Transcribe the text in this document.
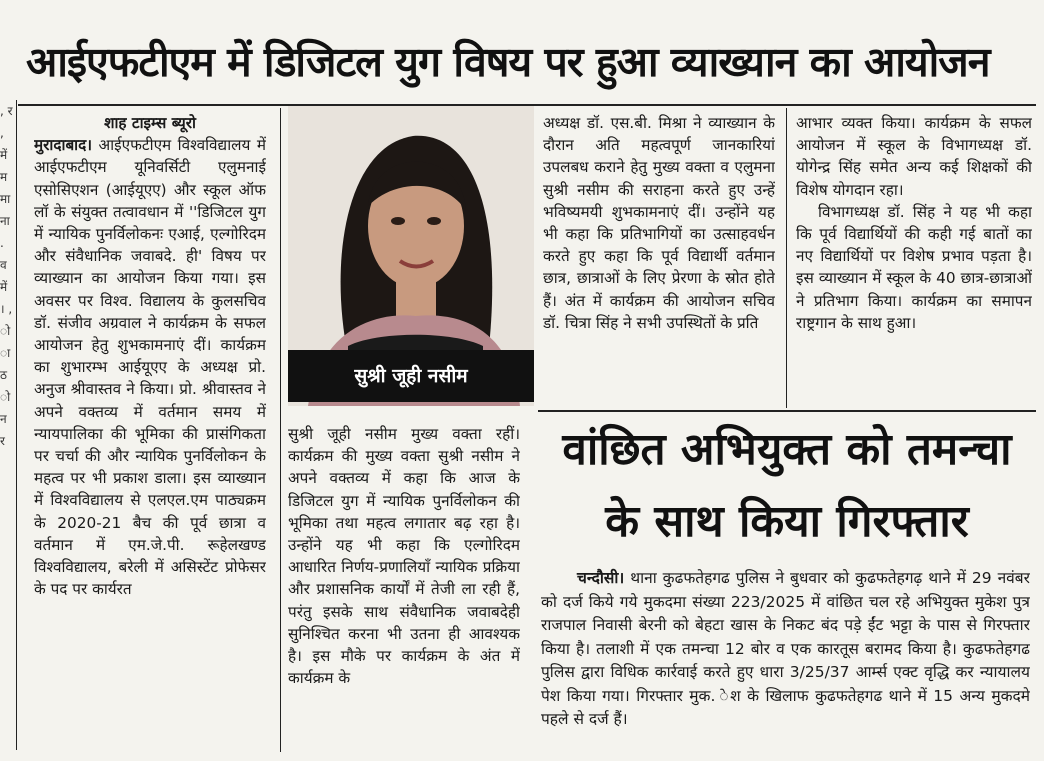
, र , में म मा ना . व में । , ो ा ठ ो न र
आईएफटीएम में डिजिटल युग विषय पर हुआ व्याख्यान का आयोजन

शाह टाइम्स ब्यूरो

मुरादाबाद। आईएफटीएम विश्वविद्यालय में आईएफटीएम यूनिवर्सिटी एलुमनाई एसोसिएशन (आईयूएए) और स्कूल ऑफ लॉ के संयुक्त तत्वावधान में ''डिजिटल युग में न्यायिक पुनर्विलोकनः एआई, एल्गोरिदम और संवैधानिक जवाबदे. ही' विषय पर व्याख्यान का आयोजन किया गया। इस अवसर पर विश्व. विद्यालय के कुलसचिव डॉ. संजीव अग्रवाल ने कार्यक्रम के सफल आयोजन हेतु शुभकामनाएं दीं। कार्यक्रम का शुभारम्भ आईयूएए के अध्यक्ष प्रो. अनुज श्रीवास्तव ने किया। प्रो. श्रीवास्तव ने अपने वक्तव्य में वर्तमान समय में न्यायपालिका की भूमिका की प्रासंगिकता पर चर्चा की और न्यायिक पुनर्विलोकन के महत्व पर भी प्रकाश डाला। इस व्याख्यान में विश्वविद्यालय से एलएल.एम पाठ्यक्रम के 2020-21 बैच की पूर्व छात्रा व वर्तमान में एम.जे.पी. रूहेलखण्ड विश्वविद्यालय, बरेली में असिस्टेंट प्रोफेसर के पद पर कार्यरत

सुश्री जूही नसीम

सुश्री जूही नसीम मुख्य वक्ता रहीं। कार्यक्रम की मुख्य वक्ता सुश्री नसीम ने अपने वक्तव्य में कहा कि आज के डिजिटल युग में न्यायिक पुनर्विलोकन की भूमिका तथा महत्व लगातार बढ़ रहा है। उन्होंने यह भी कहा कि एल्गोरिदम आधारित निर्णय-प्रणालियाँ न्यायिक प्रक्रिया और प्रशासनिक कार्यों में तेजी ला रही हैं, परंतु इसके साथ संवैधानिक जवाबदेही सुनिश्चित करना भी उतना ही आवश्यक है। इस मौके पर कार्यक्रम के अंत में कार्यक्रम के

अध्यक्ष डॉ. एस.बी. मिश्रा ने व्याख्यान के दौरान अति महत्वपूर्ण जानकारियां उपलबध कराने हेतु मुख्य वक्ता व एलुमना सुश्री नसीम की सराहना करते हुए उन्हें भविष्यमयी शुभकामनाएं दीं। उन्होंने यह भी कहा कि प्रतिभागियों का उत्साहवर्धन करते हुए कहा कि पूर्व विद्यार्थी वर्तमान छात्र, छात्राओं के लिए प्रेरणा के स्रोत होते हैं। अंत में कार्यक्रम की आयोजन सचिव डॉ. चित्रा सिंह ने सभी उपस्थितों के प्रति

आभार व्यक्त किया। कार्यक्रम के सफल आयोजन में स्कूल के विभागध्यक्ष डॉ. योगेन्द्र सिंह समेत अन्य कई शिक्षकों की विशेष योगदान रहा।

विभागध्यक्ष डॉ. सिंह ने यह भी कहा कि पूर्व विद्यार्थियों की कही गई बातों का नए विद्यार्थियों पर विशेष प्रभाव पड़ता है। इस व्याख्यान में स्कूल के 40 छात्र-छात्राओं ने प्रतिभाग किया। कार्यक्रम का समापन राष्ट्रगान के साथ हुआ।

वांछित अभियुक्त को तमन्चा
के साथ किया गिरफ्तार

चन्दौसी। थाना कुढफतेहगढ पुलिस ने बुधवार को कुढफतेहगढ़ थाने में 29 नवंबर को दर्ज किये गये मुकदमा संख्या 223/2025 में वांछित चल रहे अभियुक्त मुकेश पुत्र राजपाल निवासी बेरनी को बेहटा खास के निकट बंद पड़े ईंट भट्टा के पास से गिरफ्तार किया है। तलाशी में एक तमन्चा 12 बोर व एक कारतूस बरामद किया है। कुढफतेहगढ पुलिस द्वारा विधिक कार्रवाई करते हुए धारा 3/25/37 आर्म्स एक्ट वृद्धि कर न्यायालय पेश किया गया। गिरफ्तार मुक. ेश के खिलाफ कुढफतेहगढ थाने में 15 अन्य मुकदमे पहले से दर्ज हैं।
